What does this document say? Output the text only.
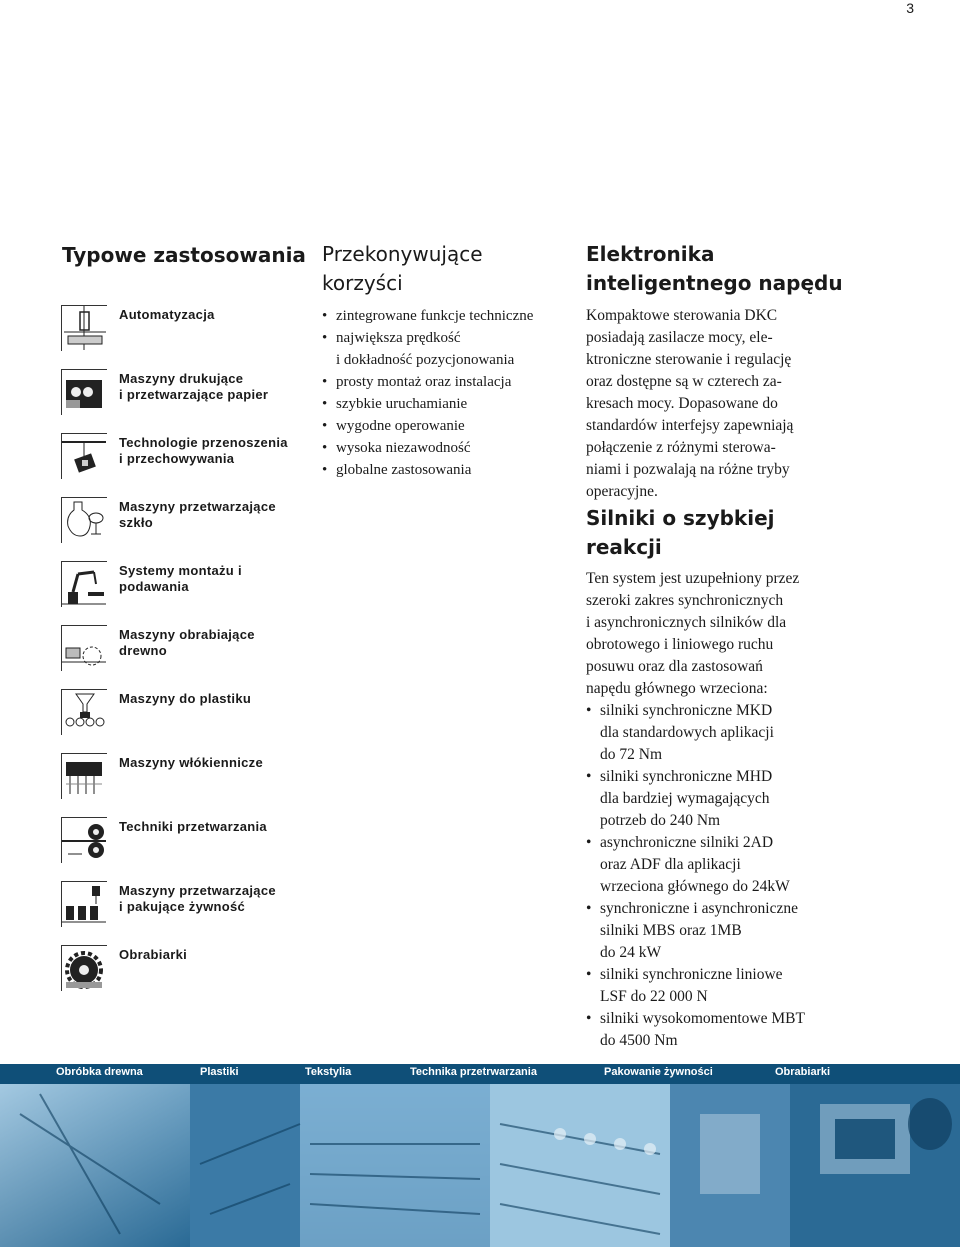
3
Typowe zastosowania
Automatyzacja
Maszyny drukujące
i przetwarzające papier
Technologie przenoszenia
i przechowywania
Maszyny przetwarzające
szkło
Systemy montażu i
podawania
Maszyny obrabiające
drewno
Maszyny do plastiku
Maszyny włókiennicze
Techniki przetwarzania
Maszyny przetwarzające
i pakujące żywność
Obrabiarki
Przekonywujące
korzyści
• zintegrowane funkcje techniczne
• największa prędkość
i dokładność pozycjonowania
• prosty montaż oraz instalacja
• szybkie uruchamianie
• wygodne operowanie
• wysoka niezawodność
• globalne zastosowania
Elektronika
inteligentnego napędu
Kompaktowe sterowania DKC
posiadają zasilacze mocy, ele-
ktroniczne sterowanie i regulację
oraz dostępne są w czterech za-
kresach mocy. Dopasowane do
standardów interfejsy zapewniają
połączenie z różnymi sterowa-
niami i pozwalają na różne tryby
operacyjne.
Silniki o szybkiej
reakcji
Ten system jest uzupełniony przez
szeroki zakres synchronicznych
i asynchronicznych silników dla
obrotowego i liniowego ruchu
posuwu oraz dla zastosowań
napędu głównego wrzeciona:
• silniki synchroniczne MKD
dla standardowych aplikacji
do 72 Nm
• silniki synchroniczne MHD
dla bardziej wymagających
potrzeb do 240 Nm
• asynchroniczne silniki 2AD
oraz ADF dla aplikacji
wrzeciona głównego do 24kW
• synchroniczne i asynchroniczne
silniki MBS oraz 1MB
do 24 kW
• silniki synchroniczne liniowe
LSF do 22 000 N
• silniki wysokomomentowe MBT
do 4500 Nm
Obróbka drewna	Plastiki	Tekstylia	Technika przetrwarzania	Pakowanie żywności	Obrabiarki
